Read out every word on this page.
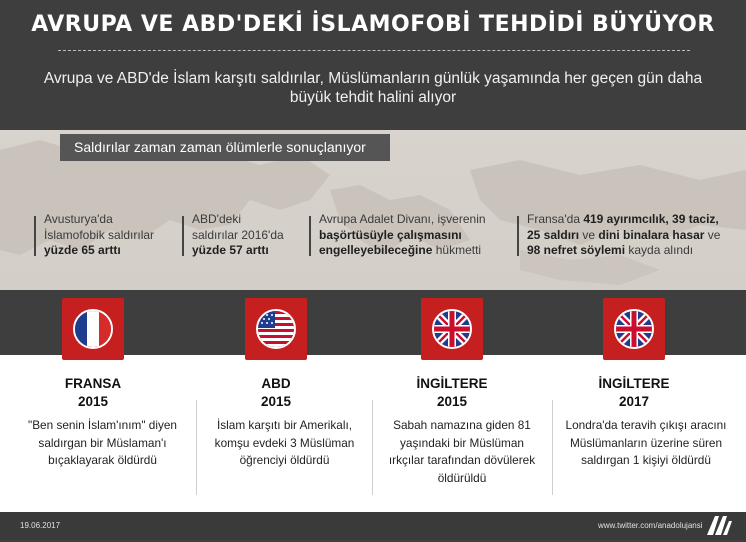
AVRUPA VE ABD'DEKİ İSLAMOFOBİ TEHDİDİ BÜYÜYOR
Avrupa ve ABD'de İslam karşıtı saldırılar, Müslümanların günlük yaşamında her geçen gün daha büyük tehdit halini alıyor
Saldırılar zaman zaman ölümlerle sonuçlanıyor
Avusturya'da
İslamofobik saldırılar
yüzde 65 arttı
ABD'deki
saldırılar 2016'da
yüzde 57 arttı
Avrupa Adalet Divanı, işverenin
başörtüsüyle çalışmasını
engelleyebileceğine hükmetti
Fransa'da 419 ayırımcılık, 39 taciz,
25 saldırı ve dini binalara hasar ve
98 nefret söylemi kayda alındı
FRANSA
2015
ABD
2015
İNGİLTERE
2015
İNGİLTERE
2017
"Ben senin İslam'ınım" diyen saldırgan bir Müslaman'ı bıçaklayarak öldürdü
İslam karşıtı bir Amerikalı, komşu evdeki 3 Müslüman öğrenciyi öldürdü
Sabah namazına giden 81 yaşındaki bir Müslüman ırkçılar tarafından dövülerek öldürüldü
Londra'da teravih çıkışı aracını Müslümanların üzerine süren saldırgan 1 kişiyi öldürdü
19.06.2017	www.twitter.com/anadolujansi
